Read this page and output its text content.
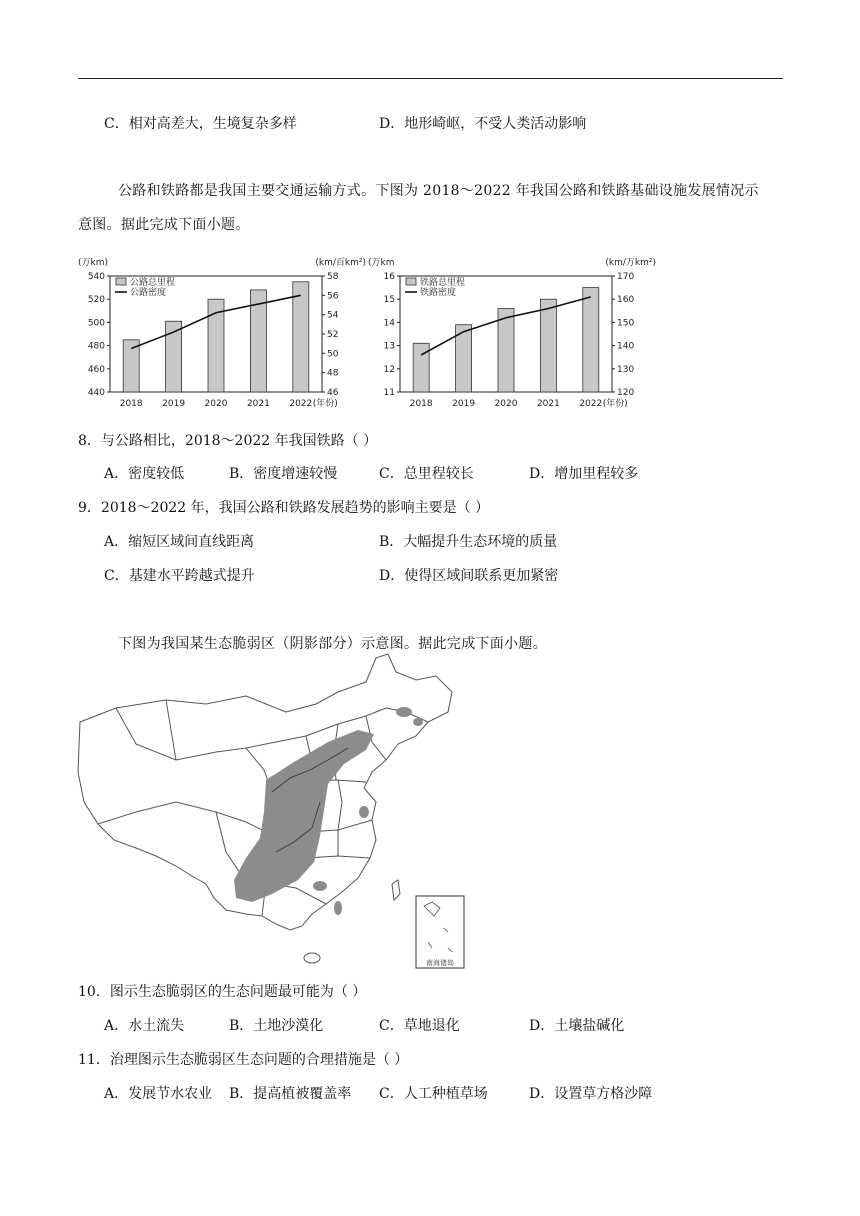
C．相对高差大，生境复杂多样	D．地形崎岖，不受人类活动影响
公路和铁路都是我国主要交通运输方式。下图为 2018～2022 年我国公路和铁路基础设施发展情况示
意图。据此完成下面小题。
(万km)	(km/百km²)
540
520
500
480
460
440
58
56
54
52
50
48
46
2018 2019 2020 2021 2022 (年份)
公路总里程
公路密度
(万km	(km/万km²)
16
15
14
13
12
11
170
160
150
140
130
120
2018 2019 2020 2021 2022 (年份)
铁路总里程
铁路密度
8．与公路相比，2018～2022 年我国铁路（ ）
A．密度较低	B．密度增速较慢	C．总里程较长	D．增加里程较多
9．2018～2022 年，我国公路和铁路发展趋势的影响主要是（ ）
A．缩短区域间直线距离	B．大幅提升生态环境的质量
C．基建水平跨越式提升	D．使得区域间联系更加紧密
下图为我国某生态脆弱区（阴影部分）示意图。据此完成下面小题。
南海诸岛
10．图示生态脆弱区的生态问题最可能为（ ）
A．水土流失	B．土地沙漠化	C．草地退化	D．土壤盐碱化
11．治理图示生态脆弱区生态问题的合理措施是（ ）
A．发展节水农业 B．提高植被覆盖率 C．人工种植草场	D．设置草方格沙障
